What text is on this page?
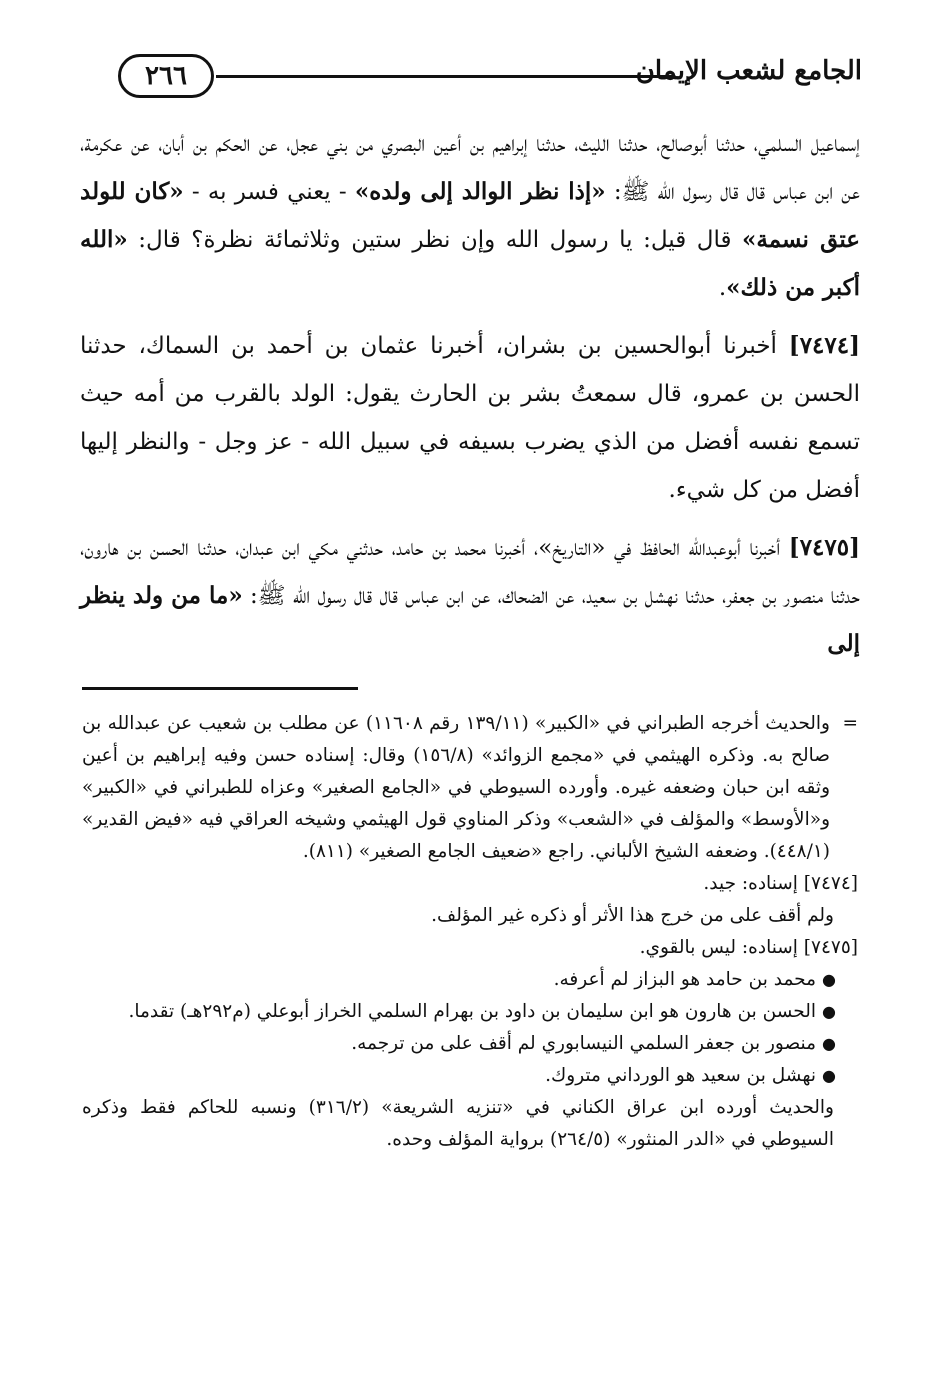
الجامع لشعب الإيمان
٢٦٦

إسماعيل السلمي، حدثنا أبوصالح، حدثنا الليث، حدثنا إبراهيم بن أعين البصري من بني عجل، عن الحكم بن أبان، عن عكرمة، عن ابن عباس قال قال رسول الله ﷺ: «إذا نظر الوالد إلى ولده» - يعني فسر به - «كان للولد عتق نسمة» قال قيل: يا رسول الله وإن نظر ستين وثلاثمائة نظرة؟ قال: «الله أكبر من ذلك».

[٧٤٧٤] أخبرنا أبوالحسين بن بشران، أخبرنا عثمان بن أحمد بن السماك، حدثنا الحسن بن عمرو، قال سمعتُ بشر بن الحارث يقول: الولد بالقرب من أمه حيث تسمع نفسه أفضل من الذي يضرب بسيفه في سبيل الله - عز وجل - والنظر إليها أفضل من كل شيء.

[٧٤٧٥] أخبرنا أبوعبدالله الحافظ في «التاريخ»، أخبرنا محمد بن حامد، حدثني مكي ابن عبدان، حدثنا الحسن بن هارون، حدثنا منصور بن جعفر، حدثنا نهشل بن سعيد، عن الضحاك، عن ابن عباس قال قال رسول الله ﷺ: «ما من ولد ينظر إلى

=
والحديث أخرجه الطبراني في «الكبير» (١٣٩/١١ رقم ١١٦٠٨) عن مطلب بن شعيب عن عبدالله بن صالح به. وذكره الهيثمي في «مجمع الزوائد» (١٥٦/٨) وقال: إسناده حسن وفيه إبراهيم بن أعين وثقه ابن حبان وضعفه غيره. وأورده السيوطي في «الجامع الصغير» وعزاه للطبراني في «الكبير» و«الأوسط» والمؤلف في «الشعب» وذكر المناوي قول الهيثمي وشيخه العراقي فيه «فيض القدير» (٤٤٨/١). وضعفه الشيخ الألباني. راجع «ضعيف الجامع الصغير» (٨١١).

[٧٤٧٤] إسناده: جيد.

ولم أقف على من خرج هذا الأثر أو ذكره غير المؤلف.

[٧٤٧٥] إسناده: ليس بالقوي.

●
محمد بن حامد هو البزاز لم أعرفه.
●
الحسن بن هارون هو ابن سليمان بن داود بن بهرام السلمي الخراز أبوعلي (م٢٩٢هـ) تقدما.
●
منصور بن جعفر السلمي النيسابوري لم أقف على من ترجمه.
●
نهشل بن سعيد هو الورداني متروك.

والحديث أورده ابن عراق الكناني في «تنزيه الشريعة» (٣١٦/٢) ونسبه للحاكم فقط وذكره السيوطي في «الدر المنثور» (٢٦٤/٥) برواية المؤلف وحده.
